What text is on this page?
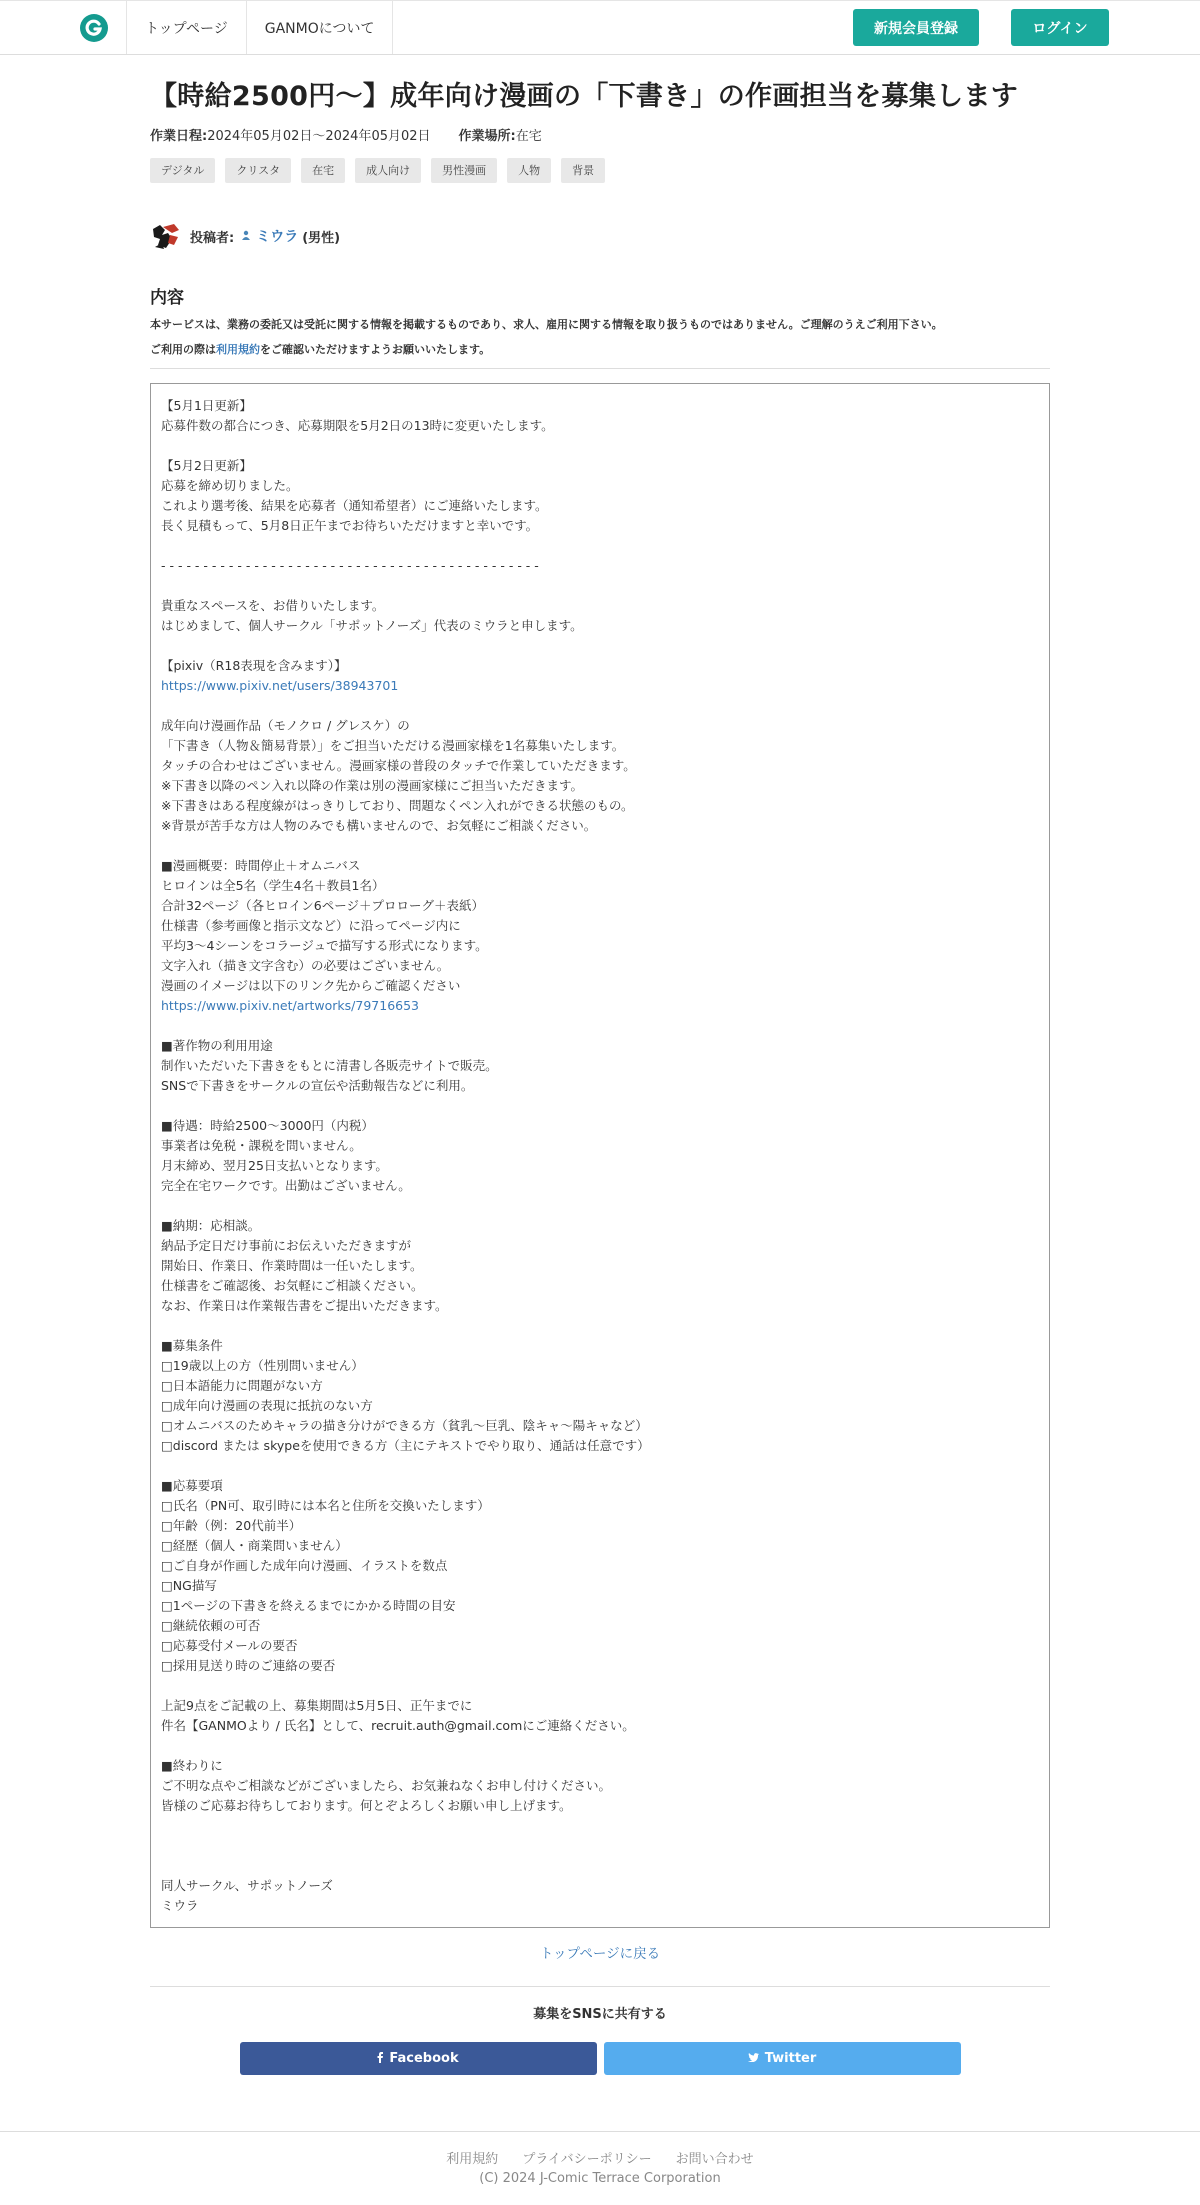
トップページ	GANMOについて	新規会員登録	ログイン
【時給2500円〜】成年向け漫画の「下書き」の作画担当を募集します
作業日程:2024年05月02日〜2024年05月02日 作業場所:在宅
デジタル	クリスタ	在宅	成人向け	男性漫画	人物	背景
投稿者: ミウラ (男性)
内容
本サービスは、業務の委託又は受託に関する情報を掲載するものであり、求人、雇用に関する情報を取り扱うものではありません。ご理解のうえご利用下さい。
ご利用の際は利用規約をご確認いただけますようお願いいたします。
【5月1日更新】
応募件数の都合につき、応募期限を5月2日の13時に変更いたします。
【5月2日更新】
応募を締め切りました。
これより選考後、結果を応募者（通知希望者）にご連絡いたします。
長く見積もって、5月8日正午までお待ちいただけますと幸いです。
- - - - - - - - - - - - - - - - - - - - - - - - - - - - - - - - - - - - - - - - - - - - -
貴重なスペースを、お借りいたします。
はじめまして、個人サークル「サポットノーズ」代表のミウラと申します。
【pixiv（R18表現を含みます）】
https://www.pixiv.net/users/38943701
成年向け漫画作品（モノクロ / グレスケ）の
「下書き（人物＆簡易背景）」をご担当いただける漫画家様を1名募集いたします。
タッチの合わせはございません。漫画家様の普段のタッチで作業していただきます。
※下書き以降のペン入れ以降の作業は別の漫画家様にご担当いただきます。
※下書きはある程度線がはっきりしており、問題なくペン入れができる状態のもの。
※背景が苦手な方は人物のみでも構いませんので、お気軽にご相談ください。
■漫画概要：時間停止＋オムニバス
ヒロインは全5名（学生4名＋教員1名）
合計32ページ（各ヒロイン6ページ＋プロローグ＋表紙）
仕様書（参考画像と指示文など）に沿ってページ内に
平均3〜4シーンをコラージュで描写する形式になります。
文字入れ（描き文字含む）の必要はございません。
漫画のイメージは以下のリンク先からご確認ください
https://www.pixiv.net/artworks/79716653
■著作物の利用用途
制作いただいた下書きをもとに清書し各販売サイトで販売。
SNSで下書きをサークルの宣伝や活動報告などに利用。
■待遇：時給2500〜3000円（内税）
事業者は免税・課税を問いません。
月末締め、翌月25日支払いとなります。
完全在宅ワークです。出勤はございません。
■納期：応相談。
納品予定日だけ事前にお伝えいただきますが
開始日、作業日、作業時間は一任いたします。
仕様書をご確認後、お気軽にご相談ください。
なお、作業日は作業報告書をご提出いただきます。
■募集条件
□19歳以上の方（性別問いません）
□日本語能力に問題がない方
□成年向け漫画の表現に抵抗のない方
□オムニバスのためキャラの描き分けができる方（貧乳〜巨乳、陰キャ〜陽キャなど）
□discord または skypeを使用できる方（主にテキストでやり取り、通話は任意です）
■応募要項
□氏名（PN可、取引時には本名と住所を交換いたします）
□年齢（例：20代前半）
□経歴（個人・商業問いません）
□ご自身が作画した成年向け漫画、イラストを数点
□NG描写
□1ページの下書きを終えるまでにかかる時間の目安
□継続依頼の可否
□応募受付メールの要否
□採用見送り時のご連絡の要否
上記9点をご記載の上、募集期間は5月5日、正午までに
件名【GANMOより / 氏名】として、recruit.auth@gmail.comにご連絡ください。
■終わりに
ご不明な点やご相談などがございましたら、お気兼ねなくお申し付けください。
皆様のご応募お待ちしております。何とぞよろしくお願い申し上げます。
同人サークル、サポットノーズ
ミウラ
トップページに戻る
募集をSNSに共有する
Facebook	Twitter
利用規約 プライバシーポリシー お問い合わせ
(C) 2024 J-Comic Terrace Corporation
